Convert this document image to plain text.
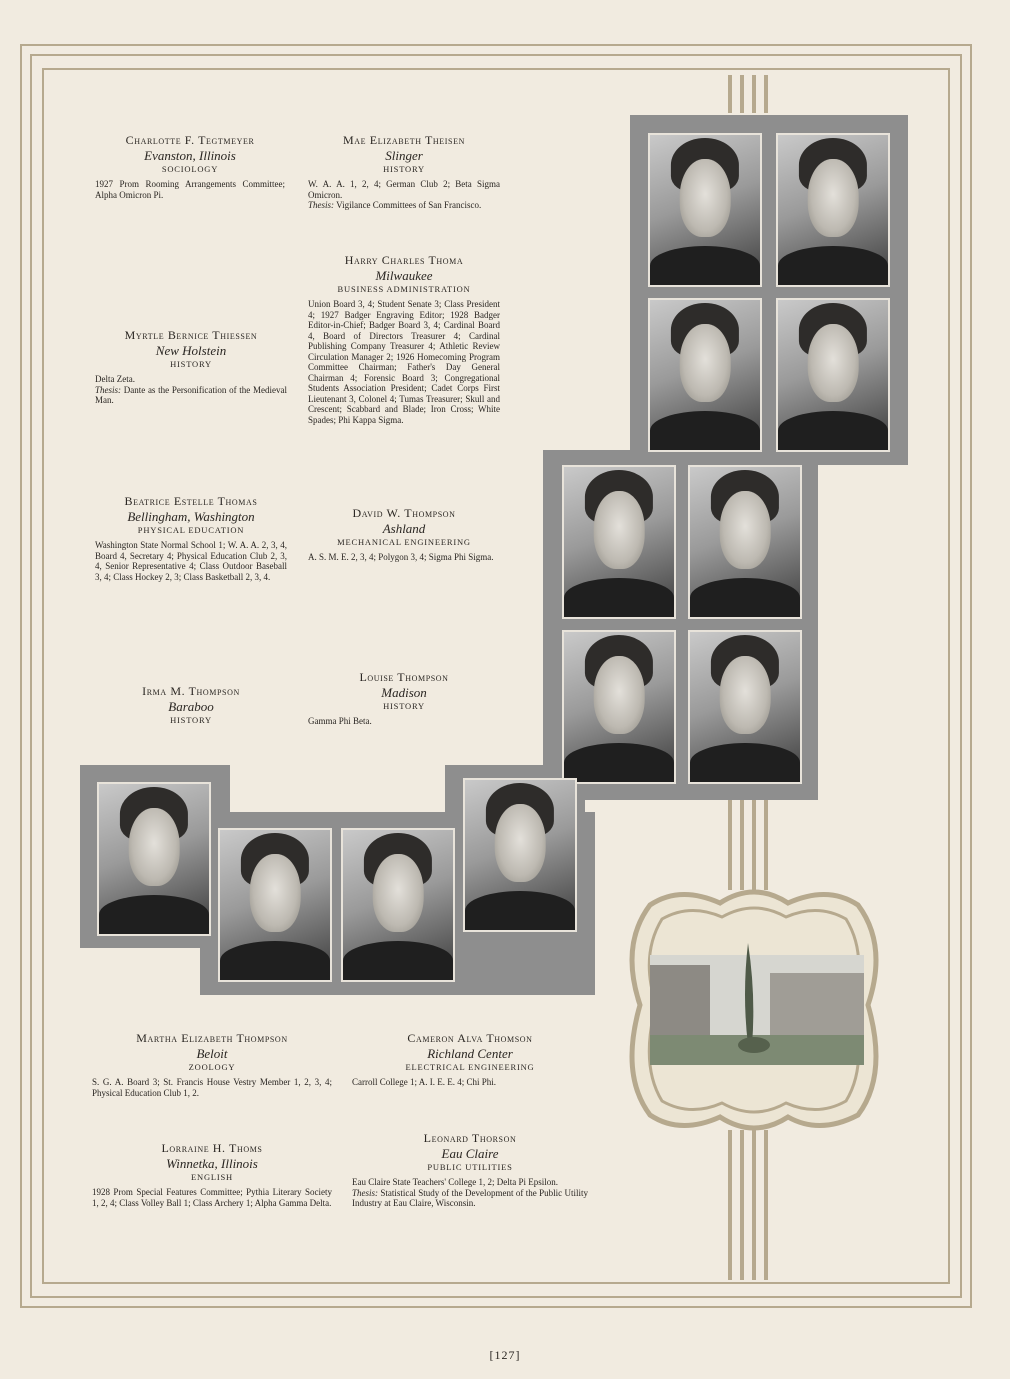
Charlotte F. Tegtmeyer
Evanston, Illinois
SOCIOLOGY
1927 Prom Rooming Arrangements Committee; Alpha Omicron Pi.
Mae Elizabeth Theisen
Slinger
HISTORY
W. A. A. 1, 2, 4; German Club 2; Beta Sigma Omicron.
Thesis: Vigilance Committees of San Francisco.
Harry Charles Thoma
Milwaukee
BUSINESS ADMINISTRATION
Union Board 3, 4; Student Senate 3; Class President 4; 1927 Badger Engraving Editor; 1928 Badger Editor-in-Chief; Badger Board 3, 4; Cardinal Board 4, Board of Directors Treasurer 4; Cardinal Publishing Company Treasurer 4; Athletic Review Circulation Manager 2; 1926 Homecoming Program Committee Chairman; Father's Day General Chairman 4; Forensic Board 3; Congregational Students Association President; Cadet Corps First Lieutenant 3, Colonel 4; Tumas Treasurer; Skull and Crescent; Scabbard and Blade; Iron Cross; White Spades; Phi Kappa Sigma.
Myrtle Bernice Thiessen
New Holstein
HISTORY
Delta Zeta.
Thesis: Dante as the Personification of the Medieval Man.
Beatrice Estelle Thomas
Bellingham, Washington
PHYSICAL EDUCATION
Washington State Normal School 1; W. A. A. 2, 3, 4, Board 4, Secretary 4; Physical Education Club 2, 3, 4, Senior Representative 4; Class Outdoor Baseball 3, 4; Class Hockey 2, 3; Class Basketball 2, 3, 4.
David W. Thompson
Ashland
MECHANICAL ENGINEERING
A. S. M. E. 2, 3, 4; Polygon 3, 4; Sigma Phi Sigma.
Irma M. Thompson
Baraboo
HISTORY
Louise Thompson
Madison
HISTORY
Gamma Phi Beta.
Martha Elizabeth Thompson
Beloit
ZOOLOGY
S. G. A. Board 3; St. Francis House Vestry Member 1, 2, 3, 4; Physical Education Club 1, 2.
Cameron Alva Thomson
Richland Center
ELECTRICAL ENGINEERING
Carroll College 1; A. I. E. E. 4; Chi Phi.
Lorraine H. Thoms
Winnetka, Illinois
ENGLISH
1928 Prom Special Features Committee; Pythia Literary Society 1, 2, 4; Class Volley Ball 1; Class Archery 1; Alpha Gamma Delta.
Leonard Thorson
Eau Claire
PUBLIC UTILITIES
Eau Claire State Teachers' College 1, 2; Delta Pi Epsilon.
Thesis: Statistical Study of the Development of the Public Utility Industry at Eau Claire, Wisconsin.
[127]
